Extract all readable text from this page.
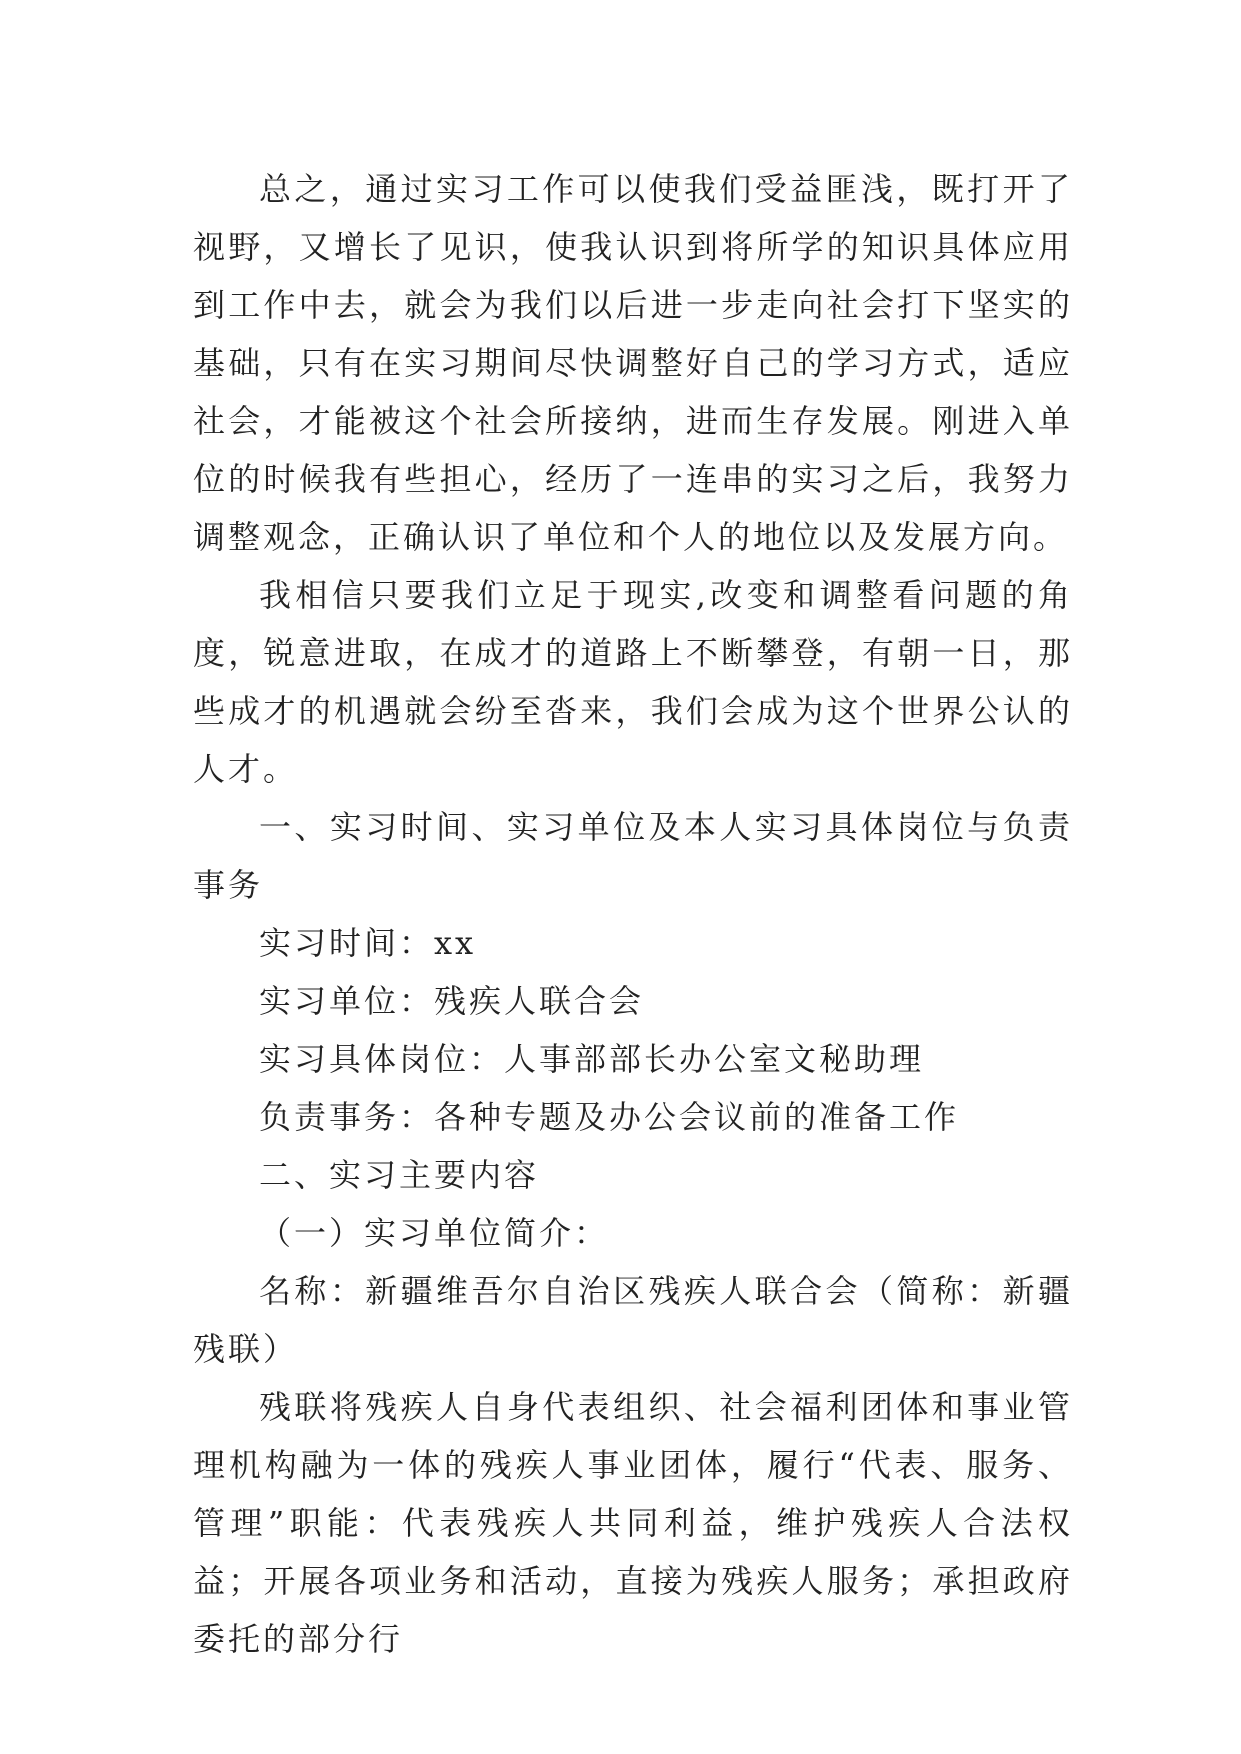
总之，通过实习工作可以使我们受益匪浅，既打开了视野，又增长了见识，使我认识到将所学的知识具体应用到工作中去，就会为我们以后进一步走向社会打下坚实的基础，只有在实习期间尽快调整好自己的学习方式，适应社会，才能被这个社会所接纳，进而生存发展。刚进入单位的时候我有些担心，经历了一连串的实习之后，我努力调整观念，正确认识了单位和个人的地位以及发展方向。

我相信只要我们立足于现实,改变和调整看问题的角度，锐意进取，在成才的道路上不断攀登，有朝一日，那些成才的机遇就会纷至沓来，我们会成为这个世界公认的人才。

一、实习时间、实习单位及本人实习具体岗位与负责事务

实习时间：xx

实习单位：残疾人联合会

实习具体岗位：人事部部长办公室文秘助理

负责事务：各种专题及办公会议前的准备工作

二、实习主要内容

（一）实习单位简介：

名称：新疆维吾尔自治区残疾人联合会（简称：新疆残联）

残联将残疾人自身代表组织、社会福利团体和事业管理机构融为一体的残疾人事业团体，履行“代表、服务、管理”职能：代表残疾人共同利益，维护残疾人合法权益；开展各项业务和活动，直接为残疾人服务；承担政府委托的部分行
